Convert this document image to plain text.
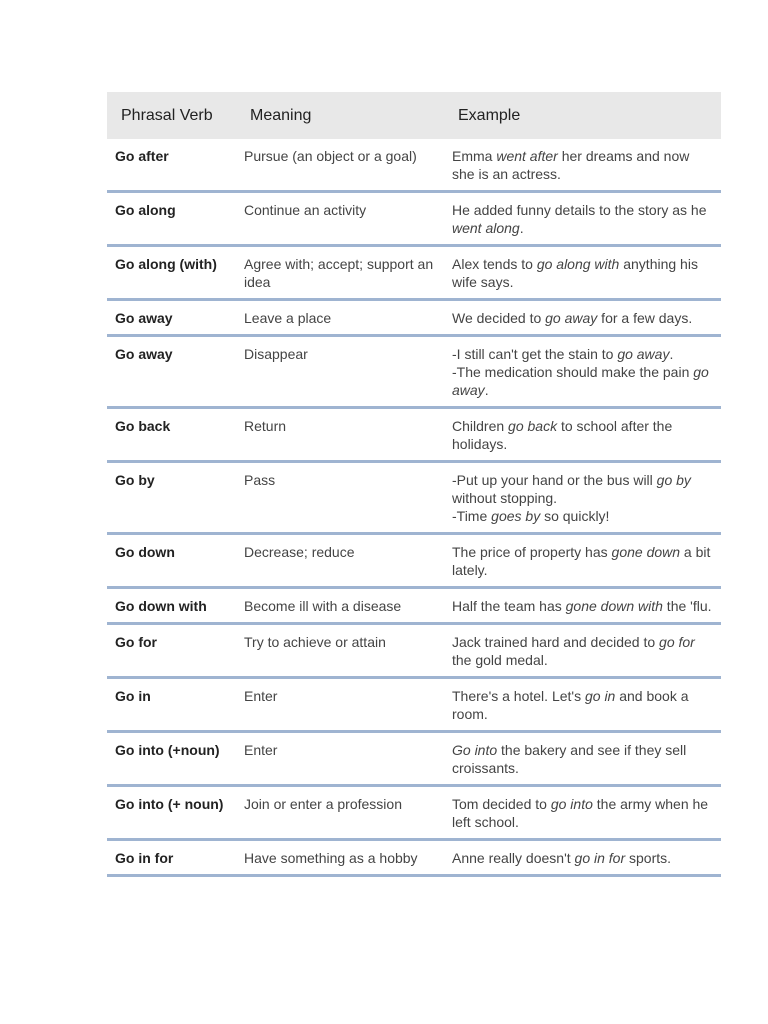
Phrasal Verb	Meaning	Example
Go after	Pursue (an object or a goal)	Emma went after her dreams and now she is an actress.
Go along	Continue an activity	He added funny details to the story as he went along.
Go along (with)	Agree with; accept; support an idea	Alex tends to go along with anything his wife says.
Go away	Leave a place	We decided to go away for a few days.
Go away	Disappear	-I still can't get the stain to go away.
-The medication should make the pain go away.
Go back	Return	Children go back to school after the holidays.
Go by	Pass	-Put up your hand or the bus will go by without stopping.
-Time goes by so quickly!
Go down	Decrease; reduce	The price of property has gone down a bit lately.
Go down with	Become ill with a disease	Half the team has gone down with the 'flu.
Go for	Try to achieve or attain	Jack trained hard and decided to go for the gold medal.
Go in	Enter	There's a hotel. Let's go in and book a room.
Go into (+noun)	Enter	Go into the bakery and see if they sell croissants.
Go into (+ noun)	Join or enter a profession	Tom decided to go into the army when he left school.
Go in for	Have something as a hobby	Anne really doesn't go in for sports.
